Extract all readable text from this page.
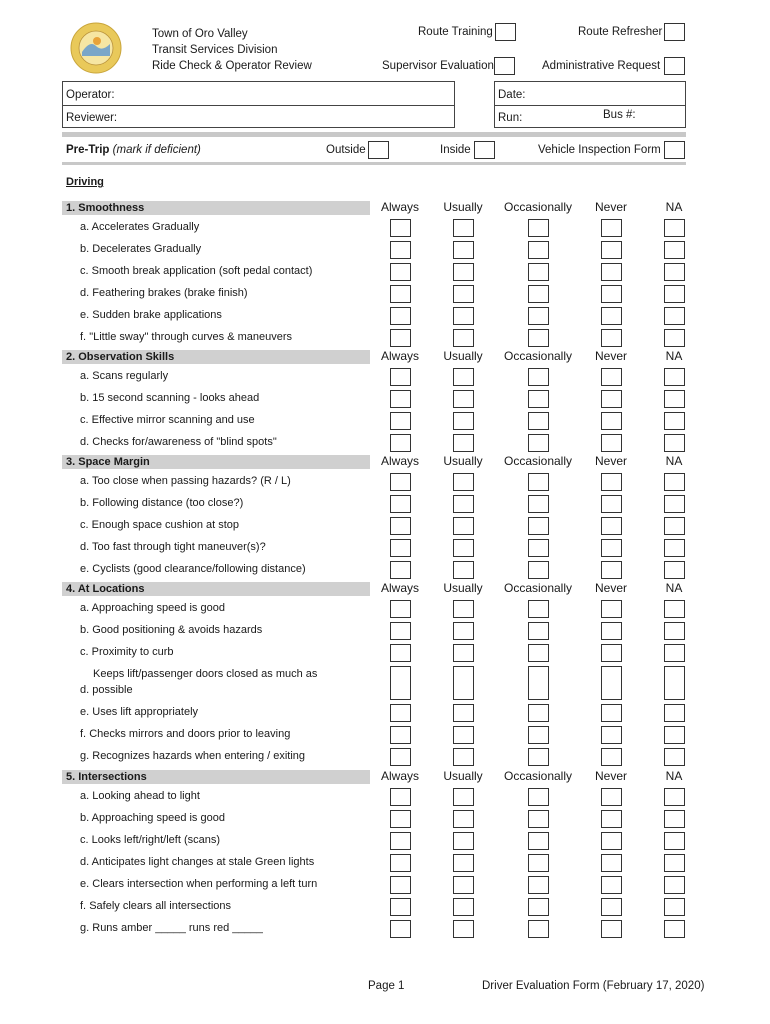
Town of Oro Valley
Transit Services Division
Ride Check & Operator Review
Route Training	Route Refresher
Supervisor Evaluation	Administrative Request
Operator:
Reviewer:
Date:
Run:	Bus #:
Pre-Trip (mark if deficient)	Outside	Inside	Vehicle Inspection Form
Driving
1. Smoothness	Always	Usually	Occasionally	Never	NA
a. Accelerates Gradually
b. Decelerates Gradually
c. Smooth break application (soft pedal contact)
d. Feathering brakes (brake finish)
e. Sudden brake applications
f. "Little sway" through curves & maneuvers
2. Observation Skills	Always	Usually	Occasionally	Never	NA
a. Scans regularly
b. 15 second scanning - looks ahead
c. Effective mirror scanning and use
d. Checks for/awareness of "blind spots"
3. Space Margin	Always	Usually	Occasionally	Never	NA
a. Too close when passing hazards? (R / L)
b. Following distance (too close?)
c. Enough space cushion at stop
d. Too fast through tight maneuver(s)?
e. Cyclists (good clearance/following distance)
4. At Locations	Always	Usually	Occasionally	Never	NA
a. Approaching speed is good
b. Good positioning & avoids hazards
c. Proximity to curb
Keeps lift/passenger doors closed as much as
d. possible
e. Uses lift appropriately
f. Checks mirrors and doors prior to leaving
g. Recognizes hazards when entering / exiting
5. Intersections	Always	Usually	Occasionally	Never	NA
a. Looking ahead to light
b. Approaching speed is good
c. Looks left/right/left (scans)
d. Anticipates light changes at stale Green lights
e. Clears intersection when performing a left turn
f. Safely clears all intersections
g. Runs amber _____ runs red _____
Page 1	Driver Evaluation Form (February 17, 2020)
